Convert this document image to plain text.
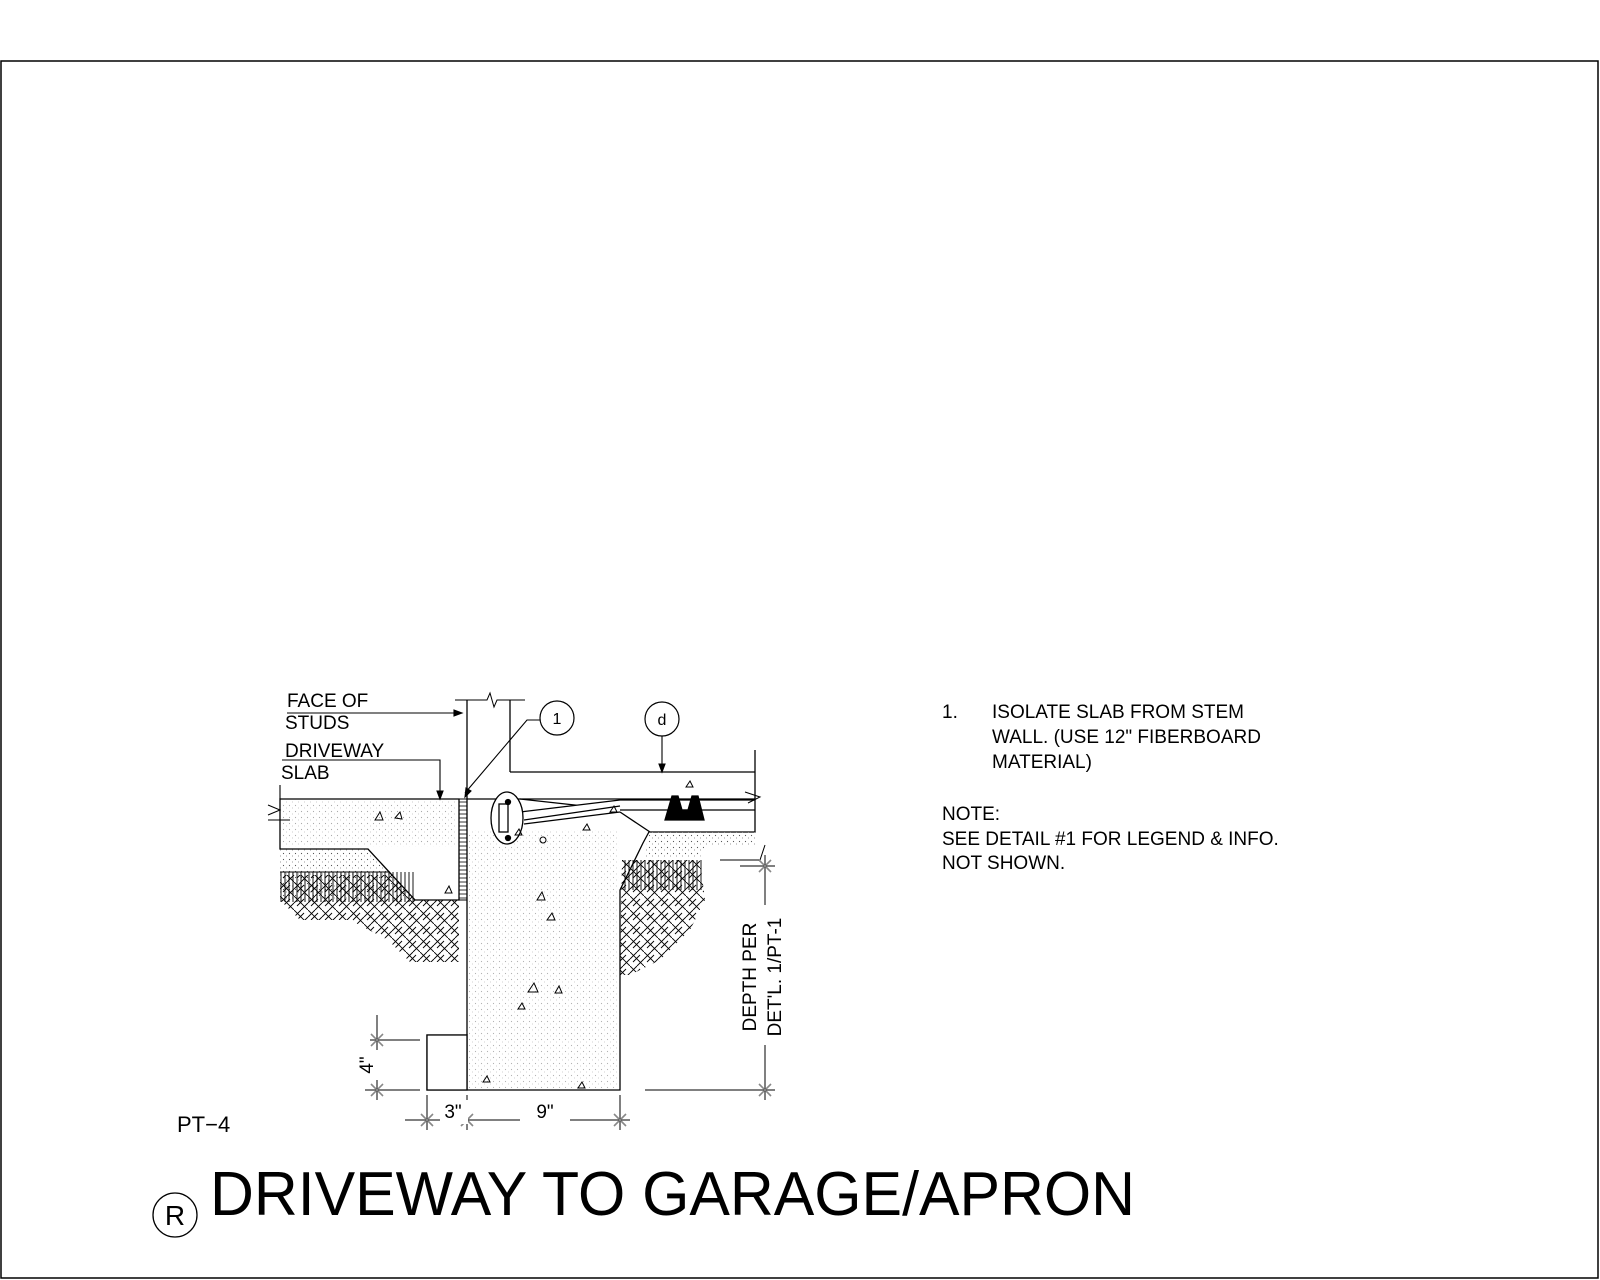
1	d
FACE OF
STUDS
DRIVEWAY
SLAB
3"	9"
4"
DEPTH PER DET'L. 1/PT-1
1. ISOLATE SLAB FROM STEM
WALL. (USE 12" FIBERBOARD
MATERIAL)
NOTE:
SEE DETAIL #1 FOR LEGEND & INFO.
NOT SHOWN.
PT−4
R DRIVEWAY TO GARAGE/APRON
